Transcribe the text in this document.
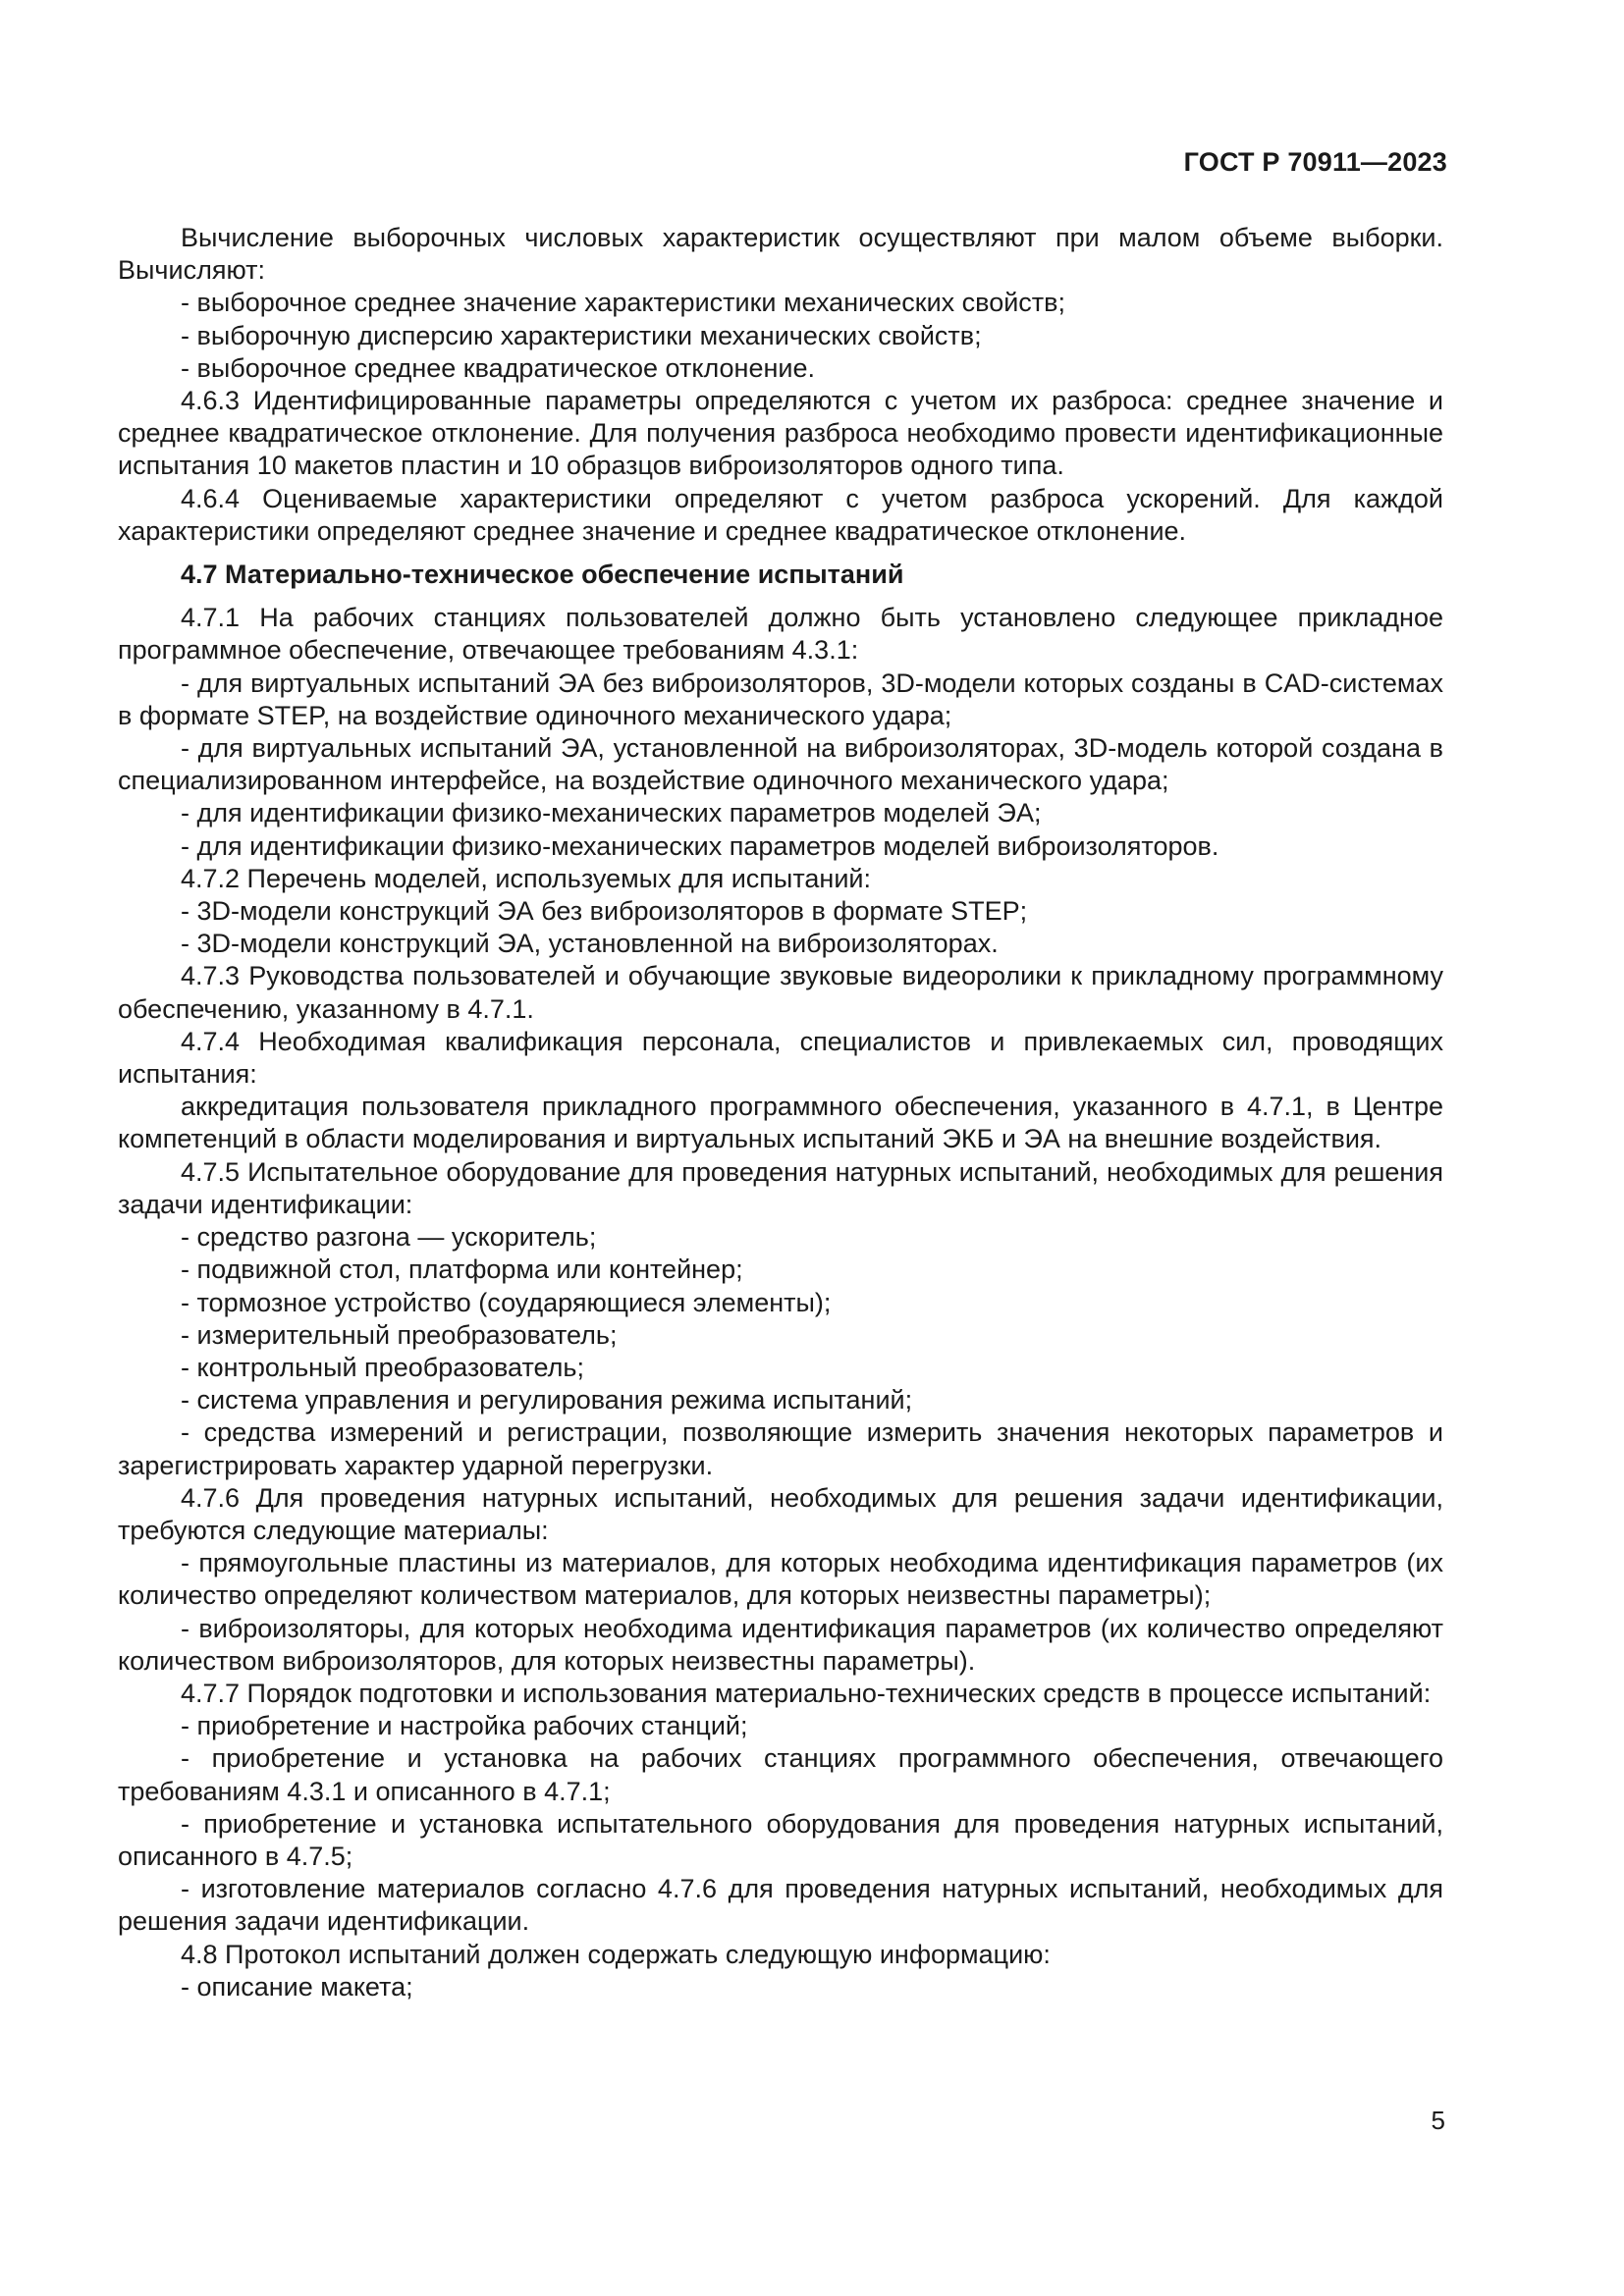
ГОСТ Р 70911—2023

Вычисление выборочных числовых характеристик осуществляют при малом объеме выборки. Вычисляют:

- выборочное среднее значение характеристики механических свойств;

- выборочную дисперсию характеристики механических свойств;

- выборочное среднее квадратическое отклонение.

4.6.3 Идентифицированные параметры определяются с учетом их разброса: среднее значение и среднее квадратическое отклонение. Для получения разброса необходимо провести идентификационные испытания 10 макетов пластин и 10 образцов виброизоляторов одного типа.

4.6.4 Оцениваемые характеристики определяют с учетом разброса ускорений. Для каждой характеристики определяют среднее значение и среднее квадратическое отклонение.

4.7 Материально-техническое обеспечение испытаний

4.7.1 На рабочих станциях пользователей должно быть установлено следующее прикладное программное обеспечение, отвечающее требованиям 4.3.1:

- для виртуальных испытаний ЭА без виброизоляторов, 3D-модели которых созданы в CAD-системах в формате STEP, на воздействие одиночного механического удара;

- для виртуальных испытаний ЭА, установленной на виброизоляторах, 3D-модель которой создана в специализированном интерфейсе, на воздействие одиночного механического удара;

- для идентификации физико-механических параметров моделей ЭА;

- для идентификации физико-механических параметров моделей виброизоляторов.

4.7.2 Перечень моделей, используемых для испытаний:

- 3D-модели конструкций ЭА без виброизоляторов в формате STEP;

- 3D-модели конструкций ЭА, установленной на виброизоляторах.

4.7.3 Руководства пользователей и обучающие звуковые видеоролики к прикладному программному обеспечению, указанному в 4.7.1.

4.7.4 Необходимая квалификация персонала, специалистов и привлекаемых сил, проводящих испытания:

аккредитация пользователя прикладного программного обеспечения, указанного в 4.7.1, в Центре компетенций в области моделирования и виртуальных испытаний ЭКБ и ЭА на внешние воздействия.

4.7.5 Испытательное оборудование для проведения натурных испытаний, необходимых для решения задачи идентификации:

- средство разгона — ускоритель;

- подвижной стол, платформа или контейнер;

- тормозное устройство (соударяющиеся элементы);

- измерительный преобразователь;

- контрольный преобразователь;

- система управления и регулирования режима испытаний;

- средства измерений и регистрации, позволяющие измерить значения некоторых параметров и зарегистрировать характер ударной перегрузки.

4.7.6 Для проведения натурных испытаний, необходимых для решения задачи идентификации, требуются следующие материалы:

- прямоугольные пластины из материалов, для которых необходима идентификация параметров (их количество определяют количеством материалов, для которых неизвестны параметры);

- виброизоляторы, для которых необходима идентификация параметров (их количество определяют количеством виброизоляторов, для которых неизвестны параметры).

4.7.7 Порядок подготовки и использования материально-технических средств в процессе испытаний:

- приобретение и настройка рабочих станций;

- приобретение и установка на рабочих станциях программного обеспечения, отвечающего требованиям 4.3.1 и описанного в 4.7.1;

- приобретение и установка испытательного оборудования для проведения натурных испытаний, описанного в 4.7.5;

- изготовление материалов согласно 4.7.6 для проведения натурных испытаний, необходимых для решения задачи идентификации.

4.8 Протокол испытаний должен содержать следующую информацию:

- описание макета;

5
